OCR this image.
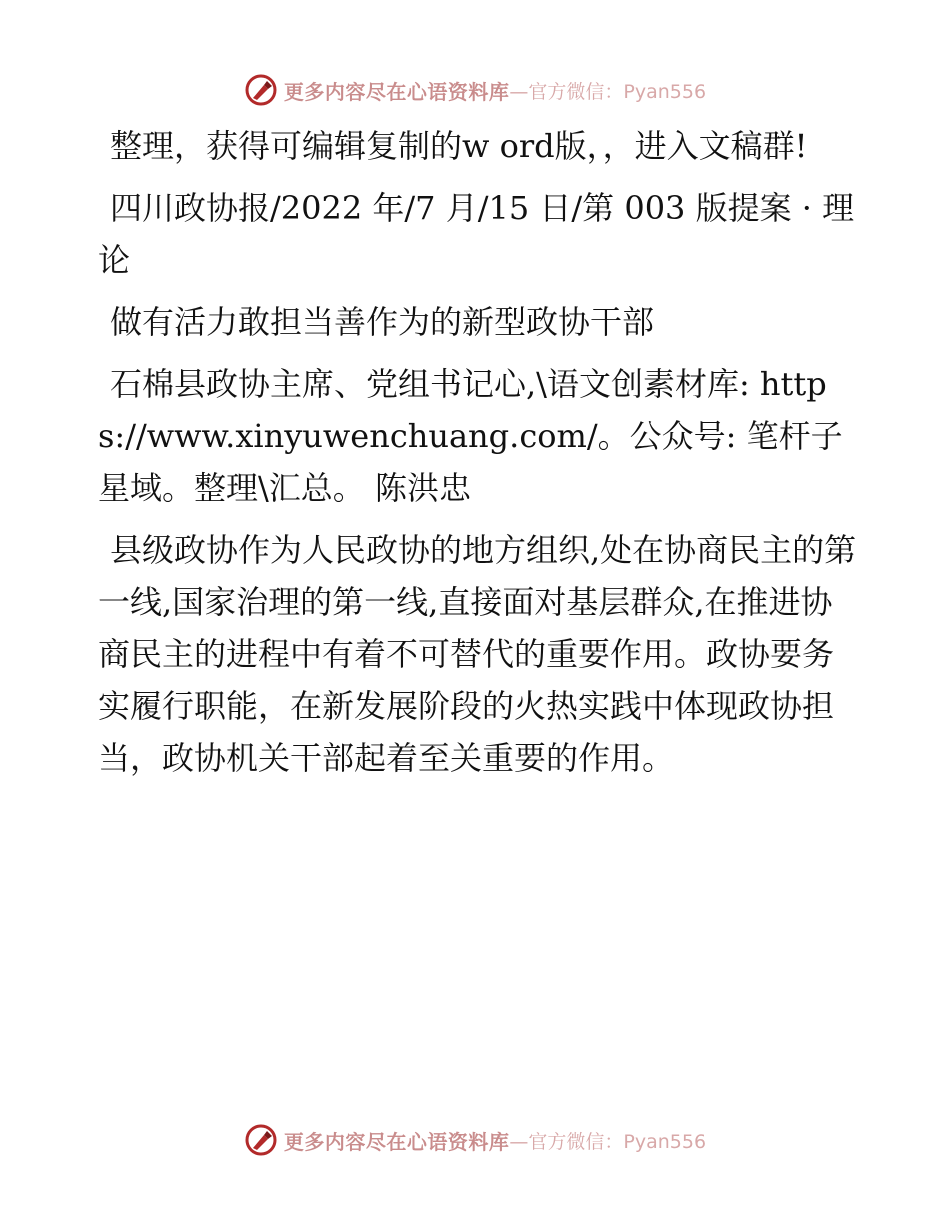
更多内容尽在心语资料库 —官方微信：Pyan556

整理，获得可编辑复制的w ord版，，进入文稿群!

四川政协报/2022 年/7 月/15 日/第 003 版提案 · 理论

做有活力敢担当善作为的新型政协干部

石棉县政协主席、党组书记心,\语文创素材库: https://www.xinyuwenchuang.com/。公众号: 笔杆子星域。整理\汇总。 陈洪忠

县级政协作为人民政协的地方组织,处在协商民主的第一线,国家治理的第一线,直接面对基层群众,在推进协商民主的进程中有着不可替代的重要作用。政协要务实履行职能，在新发展阶段的火热实践中体现政协担当，政协机关干部起着至关重要的作用。

更多内容尽在心语资料库 —官方微信：Pyan556
